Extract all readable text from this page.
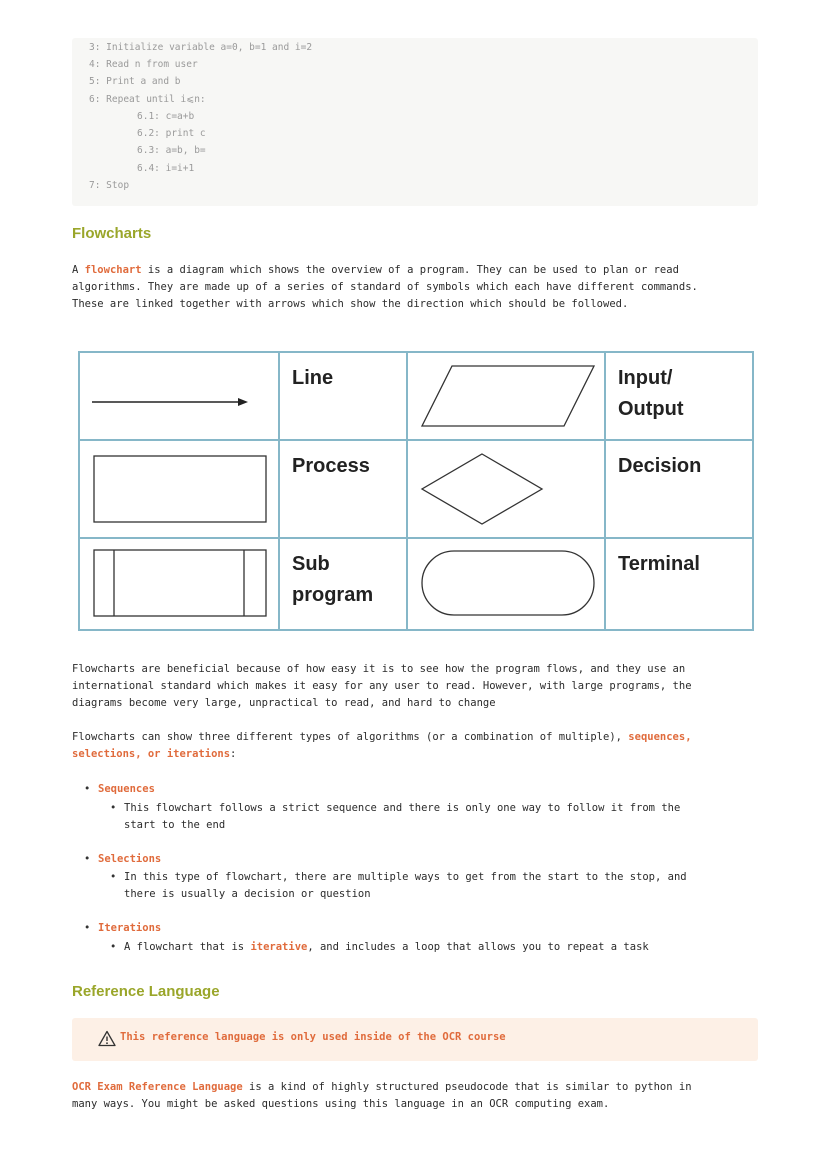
3: Initialize variable a=0, b=1 and i=2
4: Read n from user
5: Print a and b
6: Repeat until i⩽n:
6.1: c=a+b
6.2: print c
6.3: a=b, b=
6.4: i=i+1
7: Stop
Flowcharts
A flowchart is a diagram which shows the overview of a program. They can be used to plan or read
algorithms. They are made up of a series of standard of symbols which each have different commands.
These are linked together with arrows which show the direction which should be followed.

Line		Input/
Output

Process		Decision

Sub
program		Terminal
Flowcharts are beneficial because of how easy it is to see how the program flows, and they use an
international standard which makes it easy for any user to read. However, with large programs, the
diagrams become very large, unpractical to read, and hard to change
Flowcharts can show three different types of algorithms (or a combination of multiple), sequences,
selections, or iterations:
• Sequences
• This flowchart follows a strict sequence and there is only one way to follow it from the
start to the end
• Selections
• In this type of flowchart, there are multiple ways to get from the start to the stop, and
there is usually a decision or question
• Iterations
• A flowchart that is iterative, and includes a loop that allows you to repeat a task
Reference Language
This reference language is only used inside of the OCR course
OCR Exam Reference Language is a kind of highly structured pseudocode that is similar to python in
many ways. You might be asked questions using this language in an OCR computing exam.
